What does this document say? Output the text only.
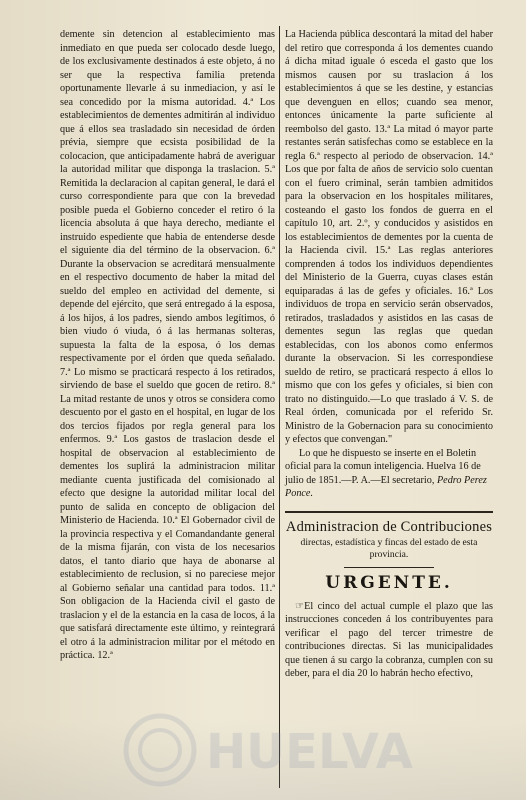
demente sin detencion al establecimiento mas inmediato en que pueda ser colocado desde luego, de los exclusivamente destinados á este objeto, á no ser que la respectiva familia pretenda oportunamente llevarle á su inmediacion, y así le sea concedido por la misma autoridad. 4.ª Los establecimientos de dementes admitirán al individuo que á ellos sea trasladado sin necesidad de órden prévia, siempre que ecsista posibilidad de la colocacion, que anticipadamente habrá de averiguar la autoridad militar que disponga la traslacion. 5.ª Remitida la declaracion al capitan general, le dará el curso correspondiente para que con la brevedad posible pueda el Gobierno conceder el retiro ó la licencia absoluta á que haya derecho, mediante el instruido espediente que habia de entenderse desde el siguiente dia del término de la observacion. 6.ª Durante la observacion se acreditará mensualmente en el respectivo documento de haber la mitad del sueldo del empleo en actividad del demente, si depende del ejército, que será entregado á la esposa, á los hijos, á los padres, siendo ambos legítimos, ó bien viudo ó viuda, ó á las hermanas solteras, supuesta la falta de la esposa, ó los demas respectivamente por el órden que queda señalado. 7.ª Lo mismo se practicará respecto á los retirados, sirviendo de base el sueldo que gocen de retiro. 8.ª La mitad restante de unos y otros se considera como descuento por el gasto en el hospital, en lugar de los dos tercios fijados por regla general para los enfermos. 9.ª Los gastos de traslacion desde el hospital de observacion al establecimiento de dementes los suplirá la administracion militar mediante cuenta justificada del comisionado al efecto que designe la autoridad militar local del punto de salida en concepto de obligacion del Ministerio de Hacienda. 10.ª El Gobernador civil de la provincia respectiva y el Comandandante general de la misma fijarán, con vista de los necesarios datos, el tanto diario que haya de abonarse al establecimiento de reclusion, si no pareciese mejor al Gobierno señalar una cantidad para todos. 11.ª Son obligacion de la Hacienda civil el gasto de traslacion y el de la estancia en la casa de locos, á la que satisfará directamente este último, y reintegrará el otro á la administracion militar por el método en práctica. 12.ª

La Hacienda pública descontará la mitad del haber del retiro que corresponda á los dementes cuando á dicha mitad iguale ó esceda el gasto que los mismos causen por su traslacion á los establecimientos á que se les destine, y estancias que devenguen en ellos; cuando sea menor, entonces únicamente la parte suficiente al reembolso del gasto. 13.ª La mitad ó mayor parte restantes serán satisfechas como se establece en la regla 6.ª respecto al periodo de observacion. 14.ª Los que por falta de años de servicio solo cuentan con el fuero criminal, serán tambien admitidos para la observacion en los hospitales militares, costeando el gasto los fondos de guerra en el capítulo 10, art. 2.º, y conducidos y asistidos en los establecimientos de dementes por la cuenta de la Hacienda civil. 15.ª Las reglas anteriores comprenden á todos los individuos dependientes del Ministerio de la Guerra, cuyas clases están equiparadas á las de gefes y oficiales. 16.ª Los individuos de tropa en servicio serán observados, retirados, trasladados y asistidos en las casas de dementes segun las reglas que quedan establecidas, con los abonos como enfermos durante la observacion. Si les correspondiese sueldo de retiro, se practicará respecto á ellos lo mismo que con los gefes y oficiales, si bien con trato no distinguido.—Lo que traslado á V. S. de Real órden, comunicada por el referido Sr. Ministro de la Gobernacion para su conocimiento y efectos que convengan."

Lo que he dispuesto se inserte en el Boletin oficial para la comun inteligencia. Huelva 16 de julio de 1851.—P. A.—El secretario, Pedro Perez Ponce.

Administracion de Contribuciones
directas, estadística y fincas del estado de esta provincia.
URGENTE.

☞El cinco del actual cumple el plazo que las instrucciones conceden á los contribuyentes para verificar el pago del tercer trimestre de contribuciones directas. Si las municipalidades que tienen á su cargo la cobranza, cumplen con su deber, para el dia 20 lo habrán hecho efectivo,

HUELVA
